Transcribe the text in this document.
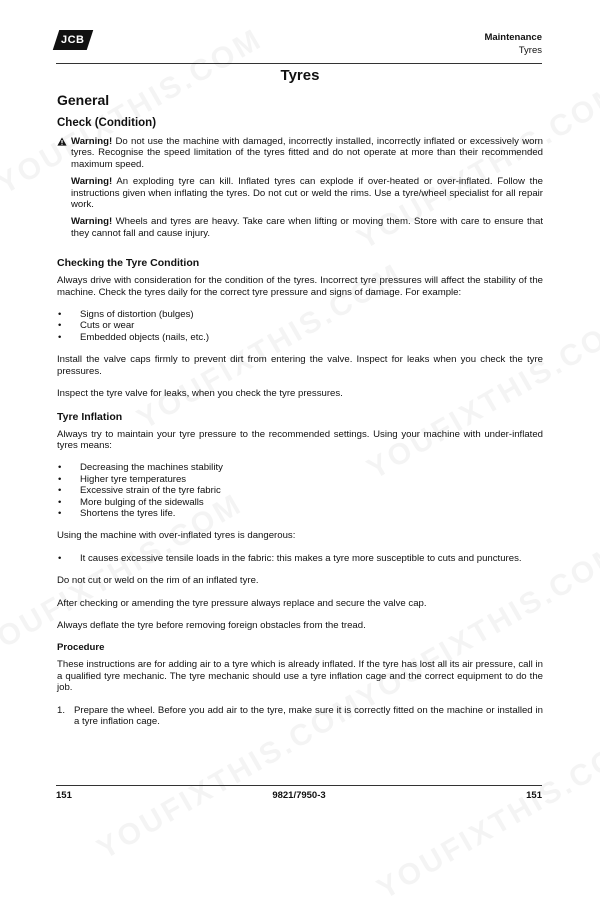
JCB	Maintenance
Tyres
Tyres
General
Check (Condition)
Warning! Do not use the machine with damaged, incorrectly installed, incorrectly inflated or excessively worn tyres. Recognise the speed limitation of the tyres fitted and do not operate at more than their recommended maximum speed.
Warning! An exploding tyre can kill. Inflated tyres can explode if over-heated or over-inflated. Follow the instructions given when inflating the tyres. Do not cut or weld the rims. Use a tyre/wheel specialist for all repair work.
Warning! Wheels and tyres are heavy. Take care when lifting or moving them. Store with care to ensure that they cannot fall and cause injury.
Checking the Tyre Condition

Always drive with consideration for the condition of the tyres. Incorrect tyre pressures will affect the stability of the machine. Check the tyres daily for the correct tyre pressure and signs of damage. For example:

• Signs of distortion (bulges)
• Cuts or wear
• Embedded objects (nails, etc.)

Install the valve caps firmly to prevent dirt from entering the valve. Inspect for leaks when you check the tyre pressures.

Inspect the tyre valve for leaks, when you check the tyre pressures.

Tyre Inflation

Always try to maintain your tyre pressure to the recommended settings. Using your machine with under-inflated tyres means:

• Decreasing the machines stability
• Higher tyre temperatures
• Excessive strain of the tyre fabric
• More bulging of the sidewalls
• Shortens the tyres life.

Using the machine with over-inflated tyres is dangerous:

• It causes excessive tensile loads in the fabric: this makes a tyre more susceptible to cuts and punctures.

Do not cut or weld on the rim of an inflated tyre.

After checking or amending the tyre pressure always replace and secure the valve cap.

Always deflate the tyre before removing foreign obstacles from the tread.

Procedure

These instructions are for adding air to a tyre which is already inflated. If the tyre has lost all its air pressure, call in a qualified tyre mechanic. The tyre mechanic should use a tyre inflation cage and the correct equipment to do the job.

1. Prepare the wheel. Before you add air to the tyre, make sure it is correctly fitted on the machine or installed in a tyre inflation cage.
151	9821/7950-3	151
